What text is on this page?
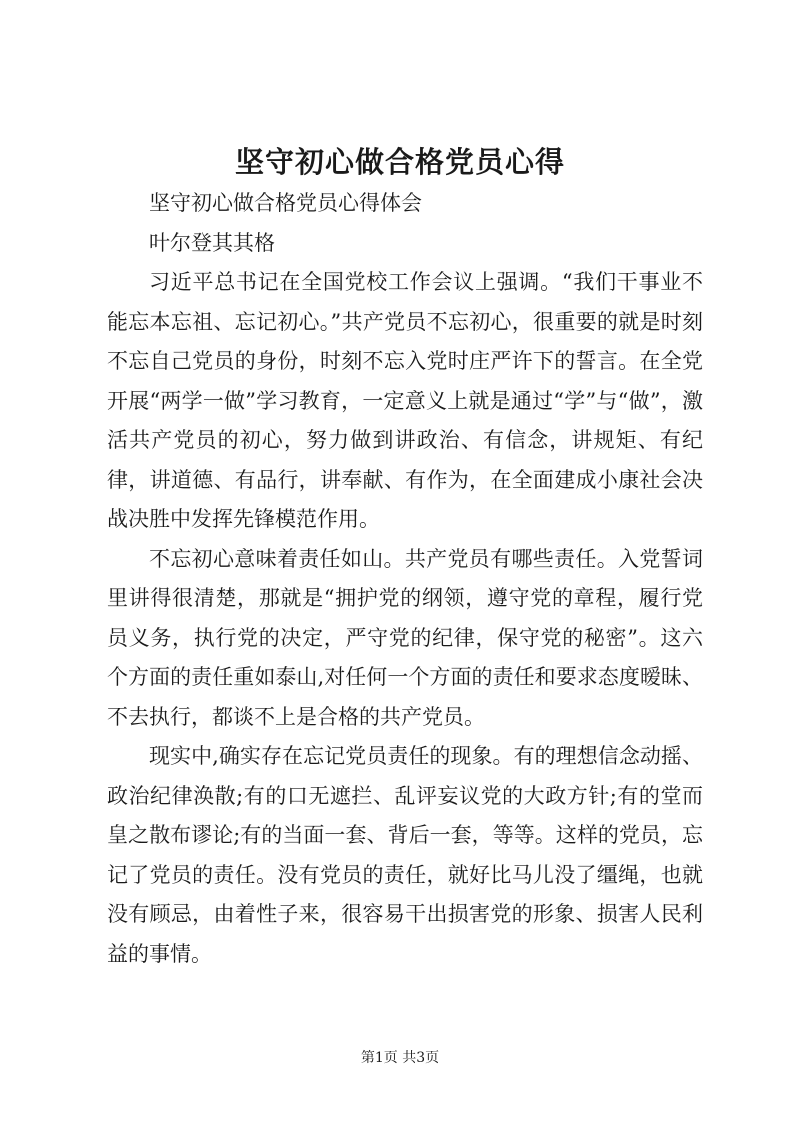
坚守初心做合格党员心得

坚守初心做合格党员心得体会

叶尔登其其格

习近平总书记在全国党校工作会议上强调。“我们干事业不能忘本忘祖、忘记初心。”共产党员不忘初心，很重要的就是时刻不忘自己党员的身份，时刻不忘入党时庄严许下的誓言。在全党开展“两学一做”学习教育，一定意义上就是通过“学”与“做”，激活共产党员的初心，努力做到讲政治、有信念，讲规矩、有纪律，讲道德、有品行，讲奉献、有作为，在全面建成小康社会决战决胜中发挥先锋模范作用。

不忘初心意味着责任如山。共产党员有哪些责任。入党誓词里讲得很清楚，那就是“拥护党的纲领，遵守党的章程，履行党员义务，执行党的决定，严守党的纪律，保守党的秘密”。这六个方面的责任重如泰山,对任何一个方面的责任和要求态度暧昧、不去执行，都谈不上是合格的共产党员。

现实中,确实存在忘记党员责任的现象。有的理想信念动摇、政治纪律涣散;有的口无遮拦、乱评妄议党的大政方针;有的堂而皇之散布谬论;有的当面一套、背后一套，等等。这样的党员，忘记了党员的责任。没有党员的责任，就好比马儿没了缰绳，也就没有顾忌，由着性子来，很容易干出损害党的形象、损害人民利益的事情。

第1页 共3页
